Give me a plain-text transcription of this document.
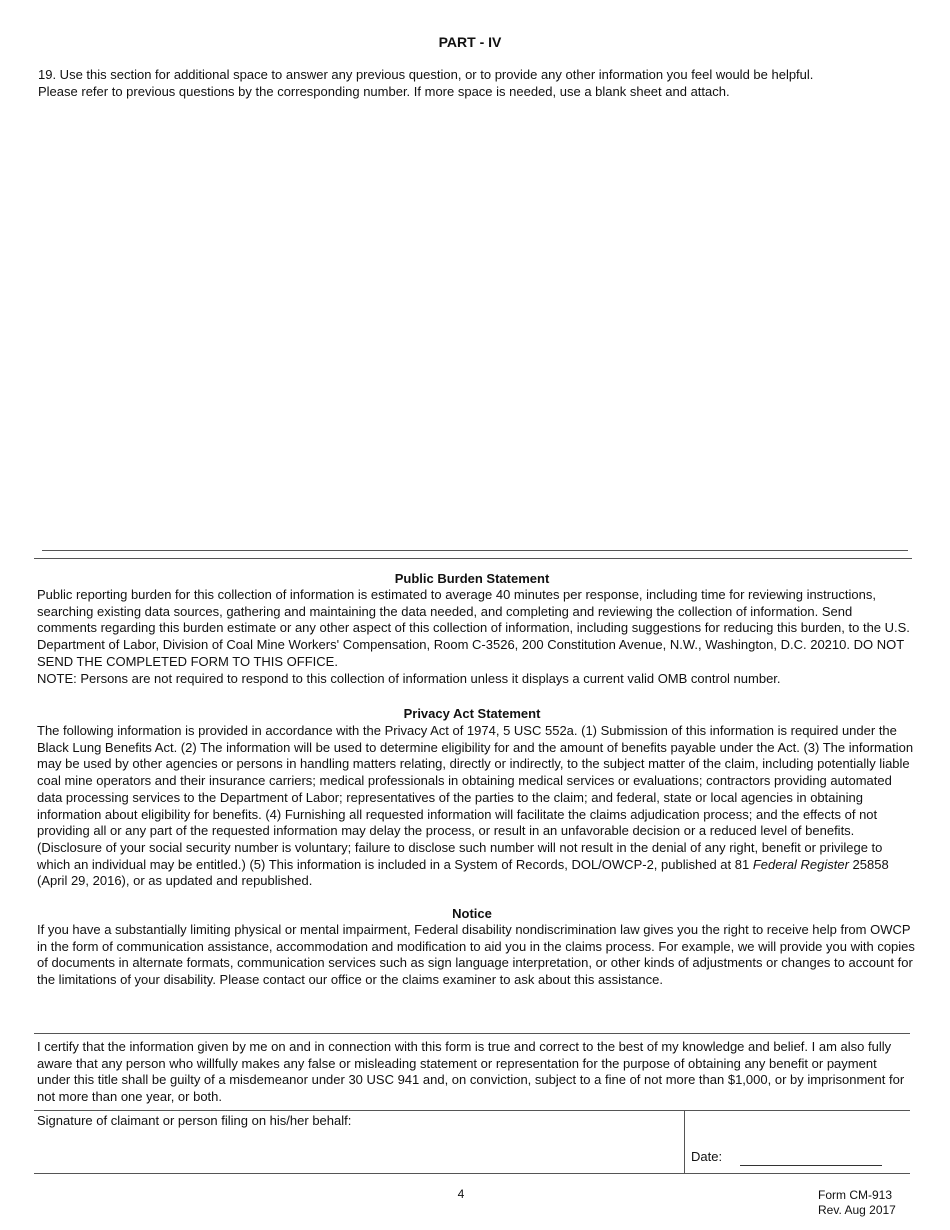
PART - IV
19. Use this section for additional space to answer any previous question, or to provide any other information you feel would be helpful.
Please refer to previous questions by the corresponding number. If more space is needed, use a blank sheet and attach.
Public Burden Statement
Public reporting burden for this collection of information is estimated to average 40 minutes per response, including time for reviewing instructions, searching existing data sources, gathering and maintaining the data needed, and completing and reviewing the collection of information. Send comments regarding this burden estimate or any other aspect of this collection of information, including suggestions for reducing this burden, to the U.S. Department of Labor, Division of Coal Mine Workers' Compensation, Room C-3526, 200 Constitution Avenue, N.W., Washington, D.C. 20210. DO NOT SEND THE COMPLETED FORM TO THIS OFFICE.
NOTE: Persons are not required to respond to this collection of information unless it displays a current valid OMB control number.
Privacy Act Statement
The following information is provided in accordance with the Privacy Act of 1974, 5 USC 552a. (1) Submission of this information is required under the Black Lung Benefits Act. (2) The information will be used to determine eligibility for and the amount of benefits payable under the Act. (3) The information may be used by other agencies or persons in handling matters relating, directly or indirectly, to the subject matter of the claim, including potentially liable coal mine operators and their insurance carriers; medical professionals in obtaining medical services or evaluations; contractors providing automated data processing services to the Department of Labor; representatives of the parties to the claim; and federal, state or local agencies in obtaining information about eligibility for benefits. (4) Furnishing all requested information will facilitate the claims adjudication process; and the effects of not providing all or any part of the requested information may delay the process, or result in an unfavorable decision or a reduced level of benefits. (Disclosure of your social security number is voluntary; failure to disclose such number will not result in the denial of any right, benefit or privilege to which an individual may be entitled.) (5) This information is included in a System of Records, DOL/OWCP-2, published at 81 Federal Register 25858 (April 29, 2016), or as updated and republished.
Notice
If you have a substantially limiting physical or mental impairment, Federal disability nondiscrimination law gives you the right to receive help from OWCP in the form of communication assistance, accommodation and modification to aid you in the claims process. For example, we will provide you with copies of documents in alternate formats, communication services such as sign language interpretation, or other kinds of adjustments or changes to account for the limitations of your disability. Please contact our office or the claims examiner to ask about this assistance.
I certify that the information given by me on and in connection with this form is true and correct to the best of my knowledge and belief. I am also fully aware that any person who willfully makes any false or misleading statement or representation for the purpose of obtaining any benefit or payment under this title shall be guilty of a misdemeanor under 30 USC 941 and, on conviction, subject to a fine of not more than $1,000, or by imprisonment for not more than one year, or both.
Signature of claimant or person filing on his/her behalf:
Date:
4	Form CM-913
Rev. Aug 2017
